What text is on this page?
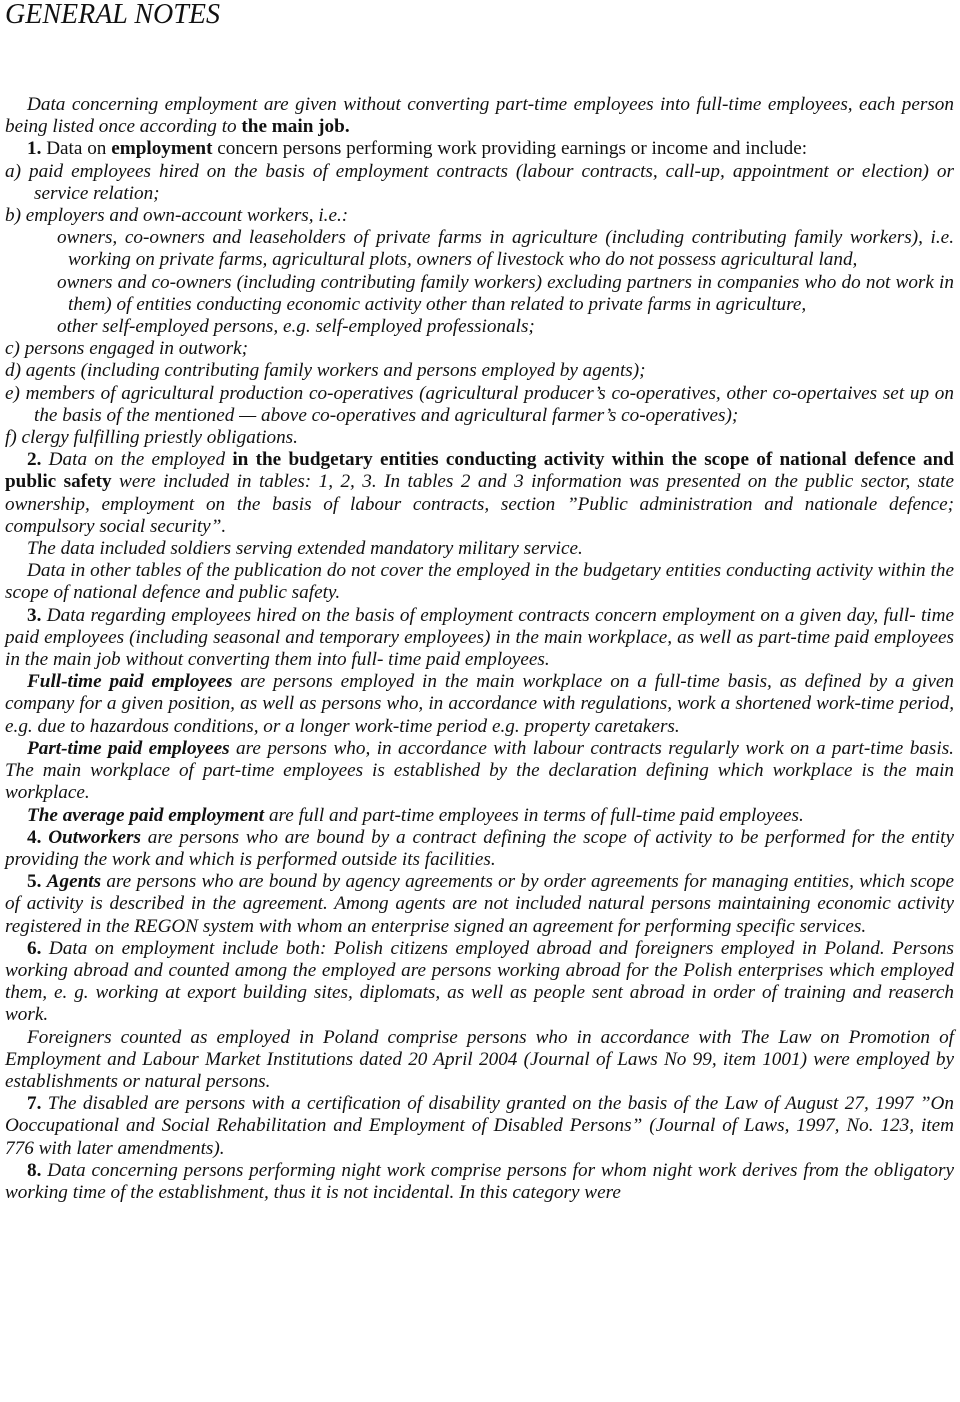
GENERAL NOTES

Data concerning employment are given without converting part-time employees into full-time employees, each person being listed once according to the main job.

1. Data on employment concern persons performing work providing earnings or income and include:

a) paid employees hired on the basis of employment contracts (labour contracts, call-up, appointment or election) or service relation;

b) employers and own-account workers, i.e.:

owners, co-owners and leaseholders of private farms in agriculture (including contributing family workers), i.e. working on private farms, agricultural plots, owners of livestock who do not possess agricultural land,

owners and co-owners (including contributing family workers) excluding partners in companies who do not work in them) of entities conducting economic activity other than related to private farms in agriculture,

other self-employed persons, e.g. self-employed professionals;

c) persons engaged in outwork;

d) agents (including contributing family workers and persons employed by agents);

e) members of agricultural production co-operatives (agricultural producer’s co-operatives, other co-opertaives set up on the basis of the mentioned — above co-operatives and agricultural farmer’s co-operatives);

f) clergy fulfilling priestly obligations.

2. Data on the employed in the budgetary entities conducting activity within the scope of national defence and public safety were included in tables: 1, 2, 3. In tables 2 and 3 information was presented on the public sector, state ownership, employment on the basis of labour contracts, section ”Public administration and nationale defence; compulsory social security”.

The data included soldiers serving extended mandatory military service.

Data in other tables of the publication do not cover the employed in the budgetary entities conducting activity within the scope of national defence and public safety.

3. Data regarding employees hired on the basis of employment contracts concern employment on a given day, full- time paid employees (including seasonal and temporary employees) in the main workplace, as well as part-time paid employees in the main job without converting them into full- time paid employees.

Full-time paid employees are persons employed in the main workplace on a full-time basis, as defined by a given company for a given position, as well as persons who, in accordance with regulations, work a shortened work-time period, e.g. due to hazardous conditions, or a longer work-time period e.g. property caretakers.

Part-time paid employees are persons who, in accordance with labour contracts regularly work on a part-time basis. The main workplace of part-time employees is established by the declaration defining which workplace is the main workplace.

The average paid employment are full and part-time employees in terms of full-time paid employees.

4. Outworkers are persons who are bound by a contract defining the scope of activity to be performed for the entity providing the work and which is performed outside its facilities.

5. Agents are persons who are bound by agency agreements or by order agreements for managing entities, which scope of activity is described in the agreement. Among agents are not included natural persons maintaining economic activity registered in the REGON system with whom an enterprise signed an agreement for performing specific services.

6. Data on employment include both: Polish citizens employed abroad and foreigners employed in Poland. Persons working abroad and counted among the employed are persons working abroad for the Polish enterprises which employed them, e. g. working at export building sites, diplomats, as well as people sent abroad in order of training and reaserch work.

Foreigners counted as employed in Poland comprise persons who in accordance with The Law on Promotion of Employment and Labour Market Institutions dated 20 April 2004 (Journal of Laws No 99, item 1001) were employed by establishments or natural persons.

7. The disabled are persons with a certification of disability granted on the basis of the Law of August 27, 1997 ”On Ooccupational and Social Rehabilitation and Employment of Disabled Persons” (Journal of Laws, 1997, No. 123, item 776 with later amendments).

8. Data concerning persons performing night work comprise persons for whom night work derives from the obligatory working time of the establishment, thus it is not incidental. In this category were
